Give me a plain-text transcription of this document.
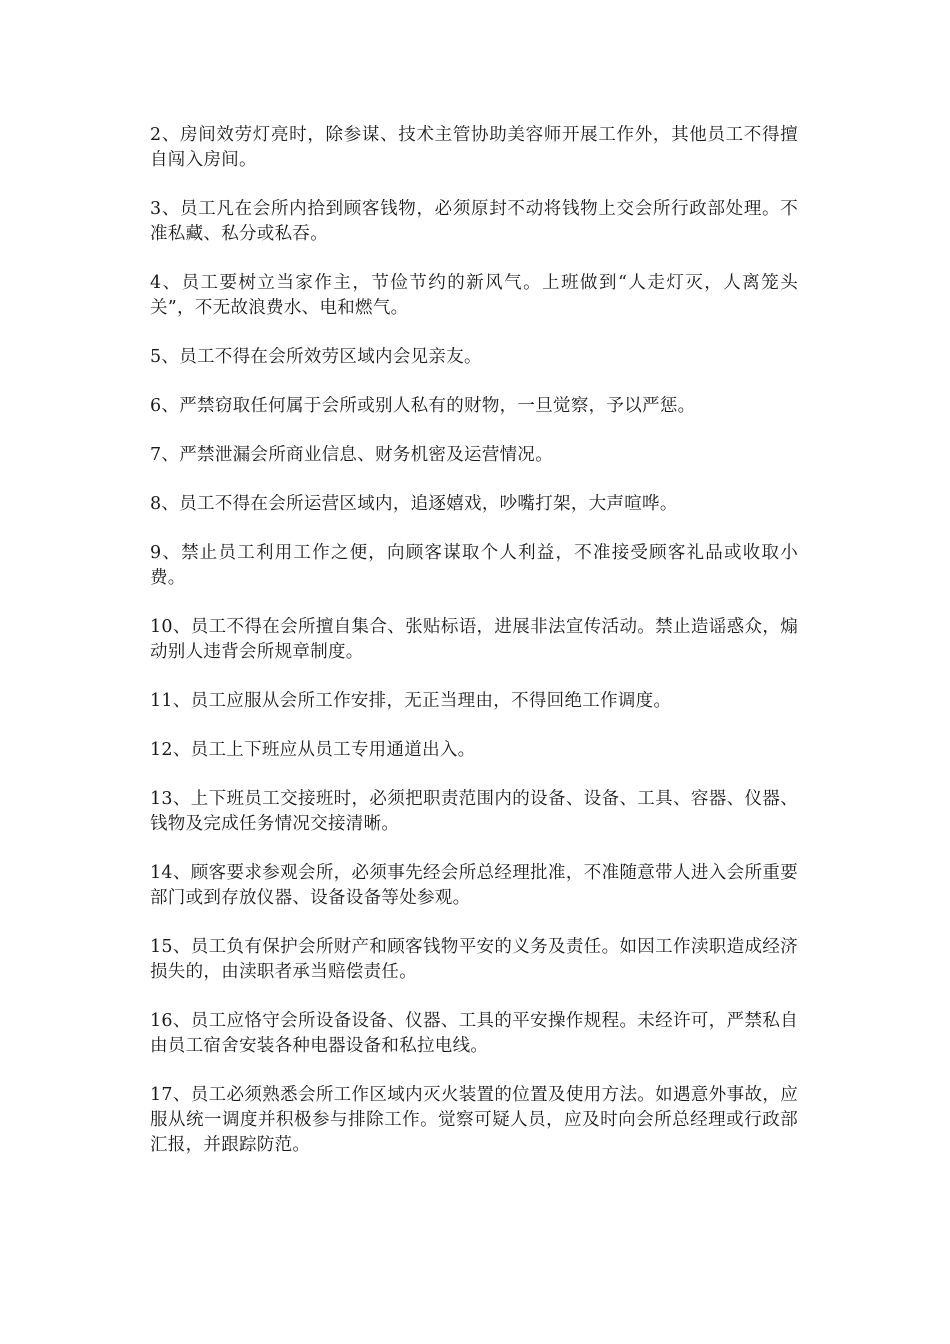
2、房间效劳灯亮时，除参谋、技术主管协助美容师开展工作外，其他员工不得擅自闯入房间。

3、员工凡在会所内拾到顾客钱物，必须原封不动将钱物上交会所行政部处理。不准私藏、私分或私吞。

4、员工要树立当家作主，节俭节约的新风气。上班做到“人走灯灭，人离笼头关”，不无故浪费水、电和燃气。

5、员工不得在会所效劳区域内会见亲友。

6、严禁窃取任何属于会所或别人私有的财物，一旦觉察，予以严惩。

7、严禁泄漏会所商业信息、财务机密及运营情况。

8、员工不得在会所运营区域内，追逐嬉戏，吵嘴打架，大声喧哗。

9、禁止员工利用工作之便，向顾客谋取个人利益，不准接受顾客礼品或收取小费。

10、员工不得在会所擅自集合、张贴标语，进展非法宣传活动。禁止造谣惑众，煽动别人违背会所规章制度。

11、员工应服从会所工作安排，无正当理由，不得回绝工作调度。

12、员工上下班应从员工专用通道出入。

13、上下班员工交接班时，必须把职责范围内的设备、设备、工具、容器、仪器、钱物及完成任务情况交接清晰。

14、顾客要求参观会所，必须事先经会所总经理批准，不准随意带人进入会所重要部门或到存放仪器、设备设备等处参观。

15、员工负有保护会所财产和顾客钱物平安的义务及责任。如因工作渎职造成经济损失的，由渎职者承当赔偿责任。

16、员工应恪守会所设备设备、仪器、工具的平安操作规程。未经许可，严禁私自由员工宿舍安装各种电器设备和私拉电线。

17、员工必须熟悉会所工作区域内灭火装置的位置及使用方法。如遇意外事故，应服从统一调度并积极参与排除工作。觉察可疑人员，应及时向会所总经理或行政部汇报，并跟踪防范。
